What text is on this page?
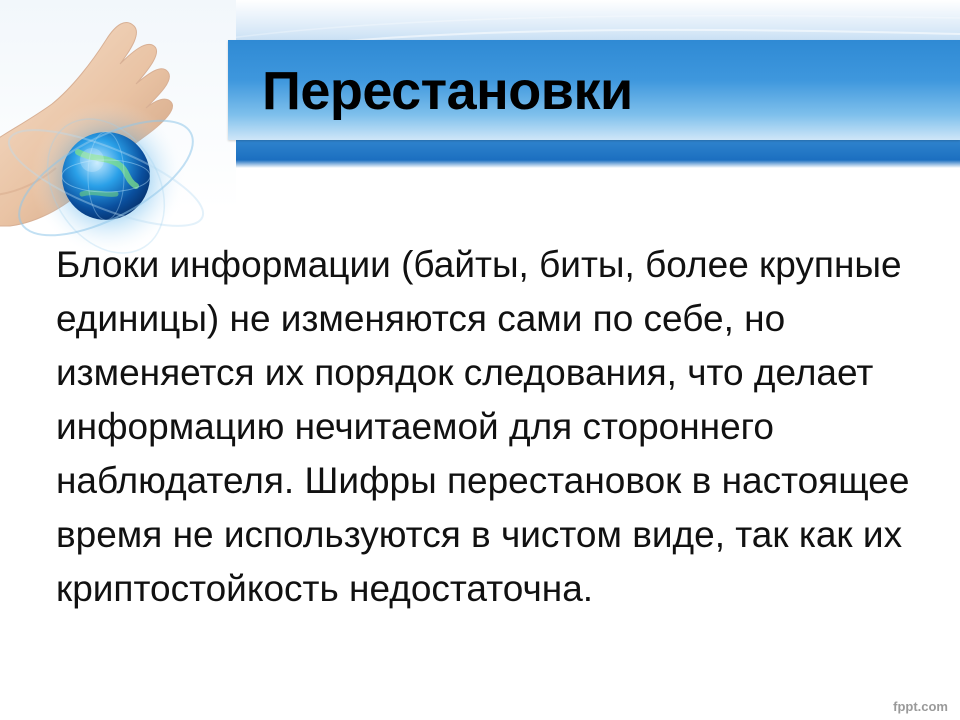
Перестановки
Блоки информации (байты, биты, более крупные единицы) не изменяются сами по себе, но изменяется их порядок следования, что делает информацию нечитаемой для стороннего наблюдателя. Шифры перестановок в настоящее время не используются в чистом виде, так как их криптостойкость недостаточна.
fppt.com
